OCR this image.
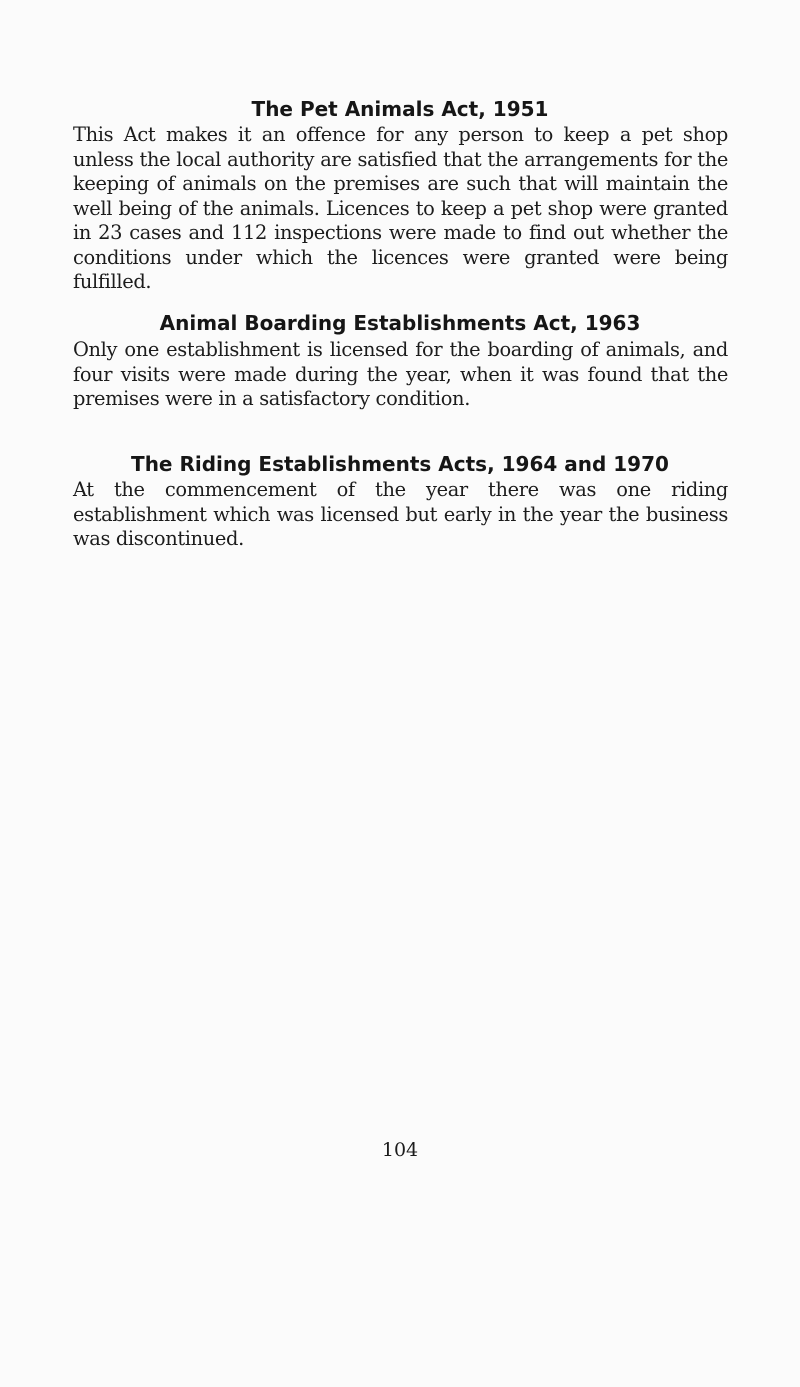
The Pet Animals Act, 1951

This Act makes it an offence for any person to keep a pet shop unless the local authority are satisfied that the arrangements for the keeping of animals on the premises are such that will maintain the well being of the animals. Licences to keep a pet shop were granted in 23 cases and 112 inspections were made to find out whether the conditions under which the licences were granted were being fulfilled.

Animal Boarding Establishments Act, 1963

Only one establishment is licensed for the boarding of animals, and four visits were made during the year, when it was found that the premises were in a satisfactory condition.

The Riding Establishments Acts, 1964 and 1970

At the commencement of the year there was one riding establishment which was licensed but early in the year the business was discontinued.

104
